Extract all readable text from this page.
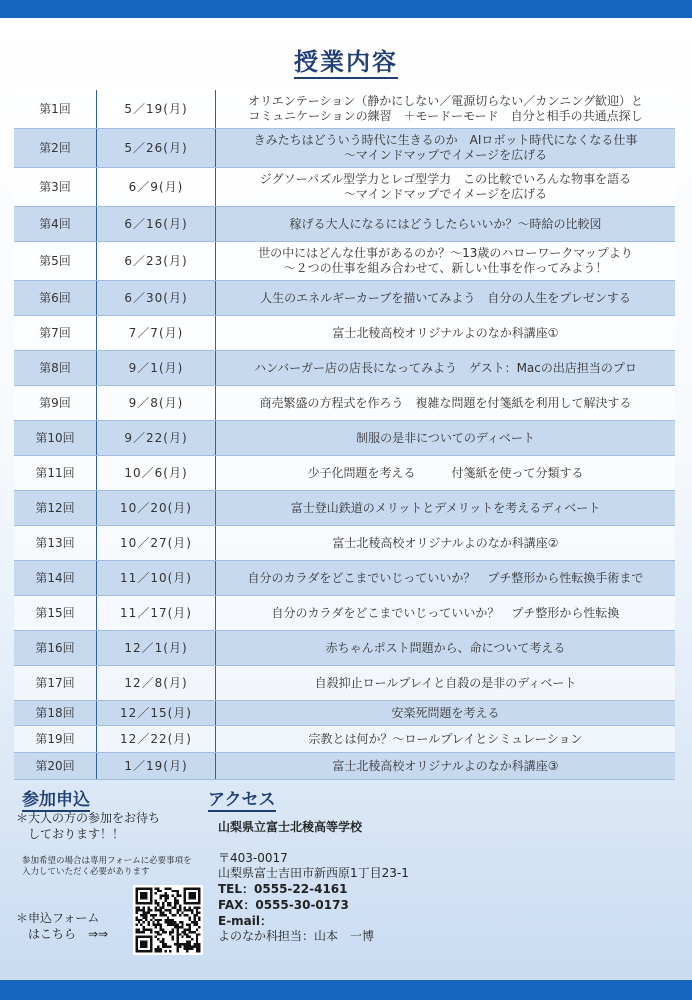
授業内容
第1回	5／19(月)	オリエンテーション（静かにしない／電源切らない／カンニング歓迎）と
コミュニケーションの練習　＋モードーモード　自分と相手の共通点探し
第2回	5／26(月)	きみたちはどういう時代に生きるのか　AIロボット時代になくなる仕事
〜マインドマップでイメージを広げる
第3回	6／9(月)	ジグソーパズル型学力とレゴ型学力　この比較でいろんな物事を語る
〜マインドマップでイメージを広げる
第4回	6／16(月)	稼げる大人になるにはどうしたらいいか？〜時給の比較図
第5回	6／23(月)	世の中にはどんな仕事があるのか？〜13歳のハローワークマップより
〜２つの仕事を組み合わせて、新しい仕事を作ってみよう！
第6回	6／30(月)	人生のエネルギーカーブを描いてみよう　自分の人生をプレゼンする
第7回	7／7(月)	富士北稜高校オリジナルよのなか科講座①
第8回	9／1(月)	ハンバーガー店の店長になってみよう　ゲスト：Macの出店担当のプロ
第9回	9／8(月)	商売繁盛の方程式を作ろう　複雑な問題を付箋紙を利用して解決する
第10回	9／22(月)	制服の是非についてのディベート
第11回	10／6(月)	少子化問題を考える　　　付箋紙を使って分類する
第12回	10／20(月)	富士登山鉄道のメリットとデメリットを考えるディベート
第13回	10／27(月)	富士北稜高校オリジナルよのなか科講座②
第14回	11／10(月)	自分のカラダをどこまでいじっていいか？　プチ整形から性転換手術まで
第15回	11／17(月)	自分のカラダをどこまでいじっていいか？　プチ整形から性転換
第16回	12／1(月)	赤ちゃんポスト問題から、命について考える
第17回	12／8(月)	自殺抑止ロールプレイと自殺の是非のディベート
第18回	12／15(月)	安楽死問題を考える
第19回	12／22(月)	宗教とは何か？〜ロールプレイとシミュレーション
第20回	1／19(月)	富士北稜高校オリジナルよのなか科講座③
参加申込
＊大人の方の参加をお待ち
　しております！！
参加希望の場合は専用フォームに必要事項を入力していただく必要があります
＊申込フォーム
　はこちら　⇒⇒
アクセス
山梨県立富士北稜高等学校
〒403-0017
山梨県富士吉田市新西原1丁目23-1
TEL：0555-22-4161
FAX：0555-30-0173
E-mail：
よのなか科担当：山本　一博
